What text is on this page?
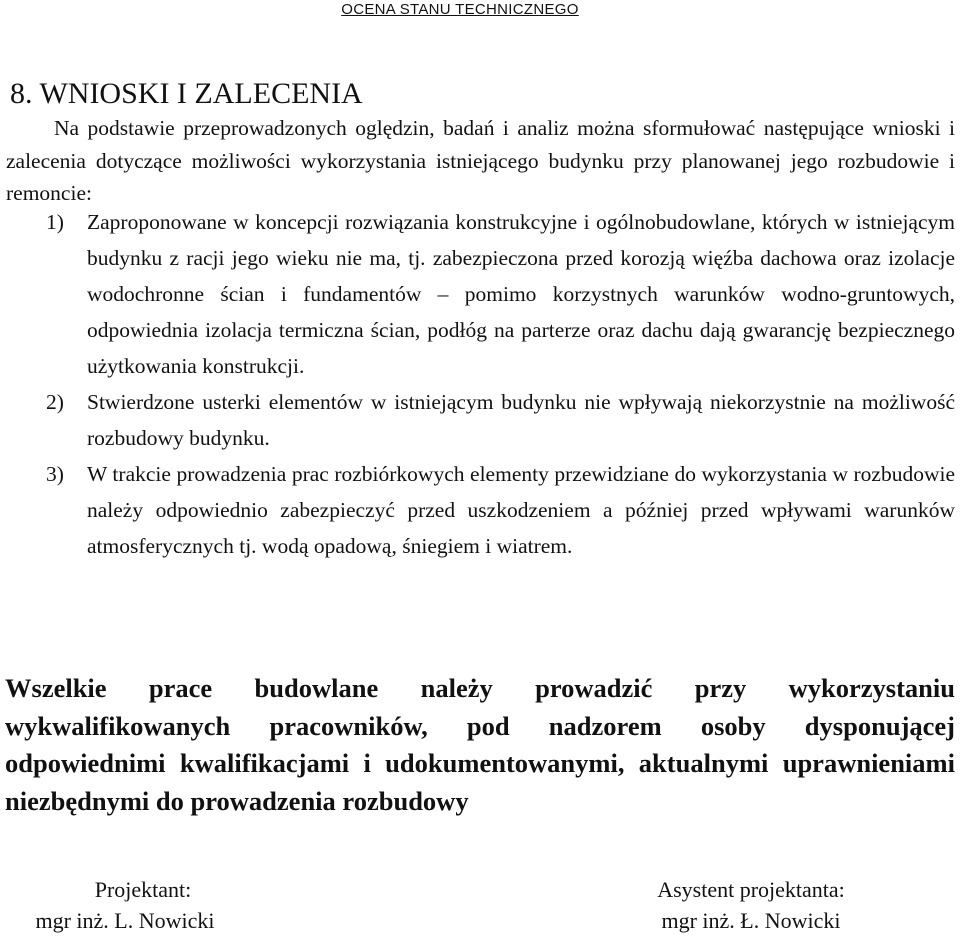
OCENA STANU TECHNICZNEGO
8. WNIOSKI I ZALECENIA

Na podstawie przeprowadzonych oględzin, badań i analiz można sformułować następujące wnioski i zalecenia dotyczące możliwości wykorzystania istniejącego budynku przy planowanej jego rozbudowie i remoncie:

1) Zaproponowane w koncepcji rozwiązania konstrukcyjne i ogólnobudowlane, których w istniejącym budynku z racji jego wieku nie ma, tj. zabezpieczona przed korozją więźba dachowa oraz izolacje wodochronne ścian i fundamentów – pomimo korzystnych warunków wodno-gruntowych, odpowiednia izolacja termiczna ścian, podłóg na parterze oraz dachu dają gwarancję bezpiecznego użytkowania konstrukcji.
2) Stwierdzone usterki elementów w istniejącym budynku nie wpływają niekorzystnie na możliwość rozbudowy budynku.
3) W trakcie prowadzenia prac rozbiórkowych elementy przewidziane do wykorzystania w rozbudowie należy odpowiednio zabezpieczyć przed uszkodzeniem a później przed wpływami warunków atmosferycznych tj. wodą opadową, śniegiem i wiatrem.

Wszelkie prace budowlane należy prowadzić przy wykorzystaniu wykwalifikowanych pracowników, pod nadzorem osoby dysponującej odpowiednimi kwalifikacjami i udokumentowanymi, aktualnymi uprawnieniami niezbędnymi do prowadzenia rozbudowy

Projektant:
mgr inż. L. Nowicki
Asystent projektanta:
mgr inż. Ł. Nowicki
